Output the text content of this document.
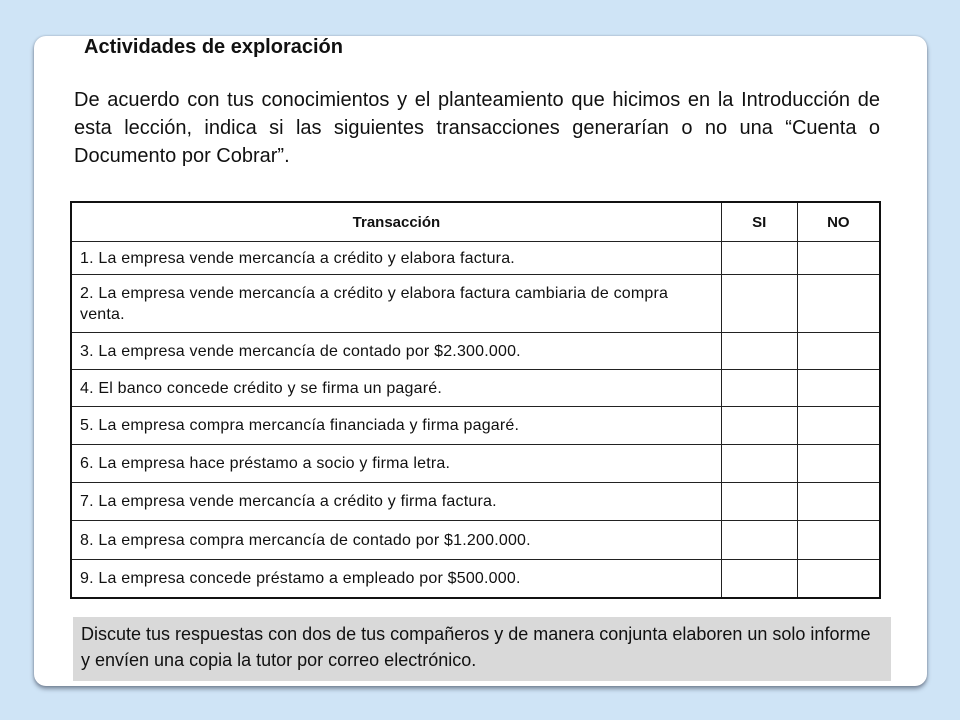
Actividades de exploración

De acuerdo con tus conocimientos y el planteamiento que hicimos en la Introducción de esta lección, indica si las siguientes transacciones generarían o no una “Cuenta o Documento por Cobrar”.

Transacción	SI	NO
1. La empresa vende mercancía a crédito y elabora factura.		
2. La empresa vende mercancía a crédito y elabora factura cambiaria de compra venta.		
3. La empresa vende mercancía de contado por $2.300.000.		
4. El banco concede crédito y se firma un pagaré.		
5. La empresa compra mercancía financiada y firma pagaré.		
6. La empresa hace préstamo a socio y firma letra.		
7. La empresa vende mercancía a crédito y firma factura.		
8. La empresa compra mercancía de contado por $1.200.000.		
9. La empresa concede préstamo a empleado por $500.000.		
Discute tus respuestas con dos de tus compañeros y de manera conjunta elaboren un solo informe y envíen una copia la tutor por correo electrónico.
